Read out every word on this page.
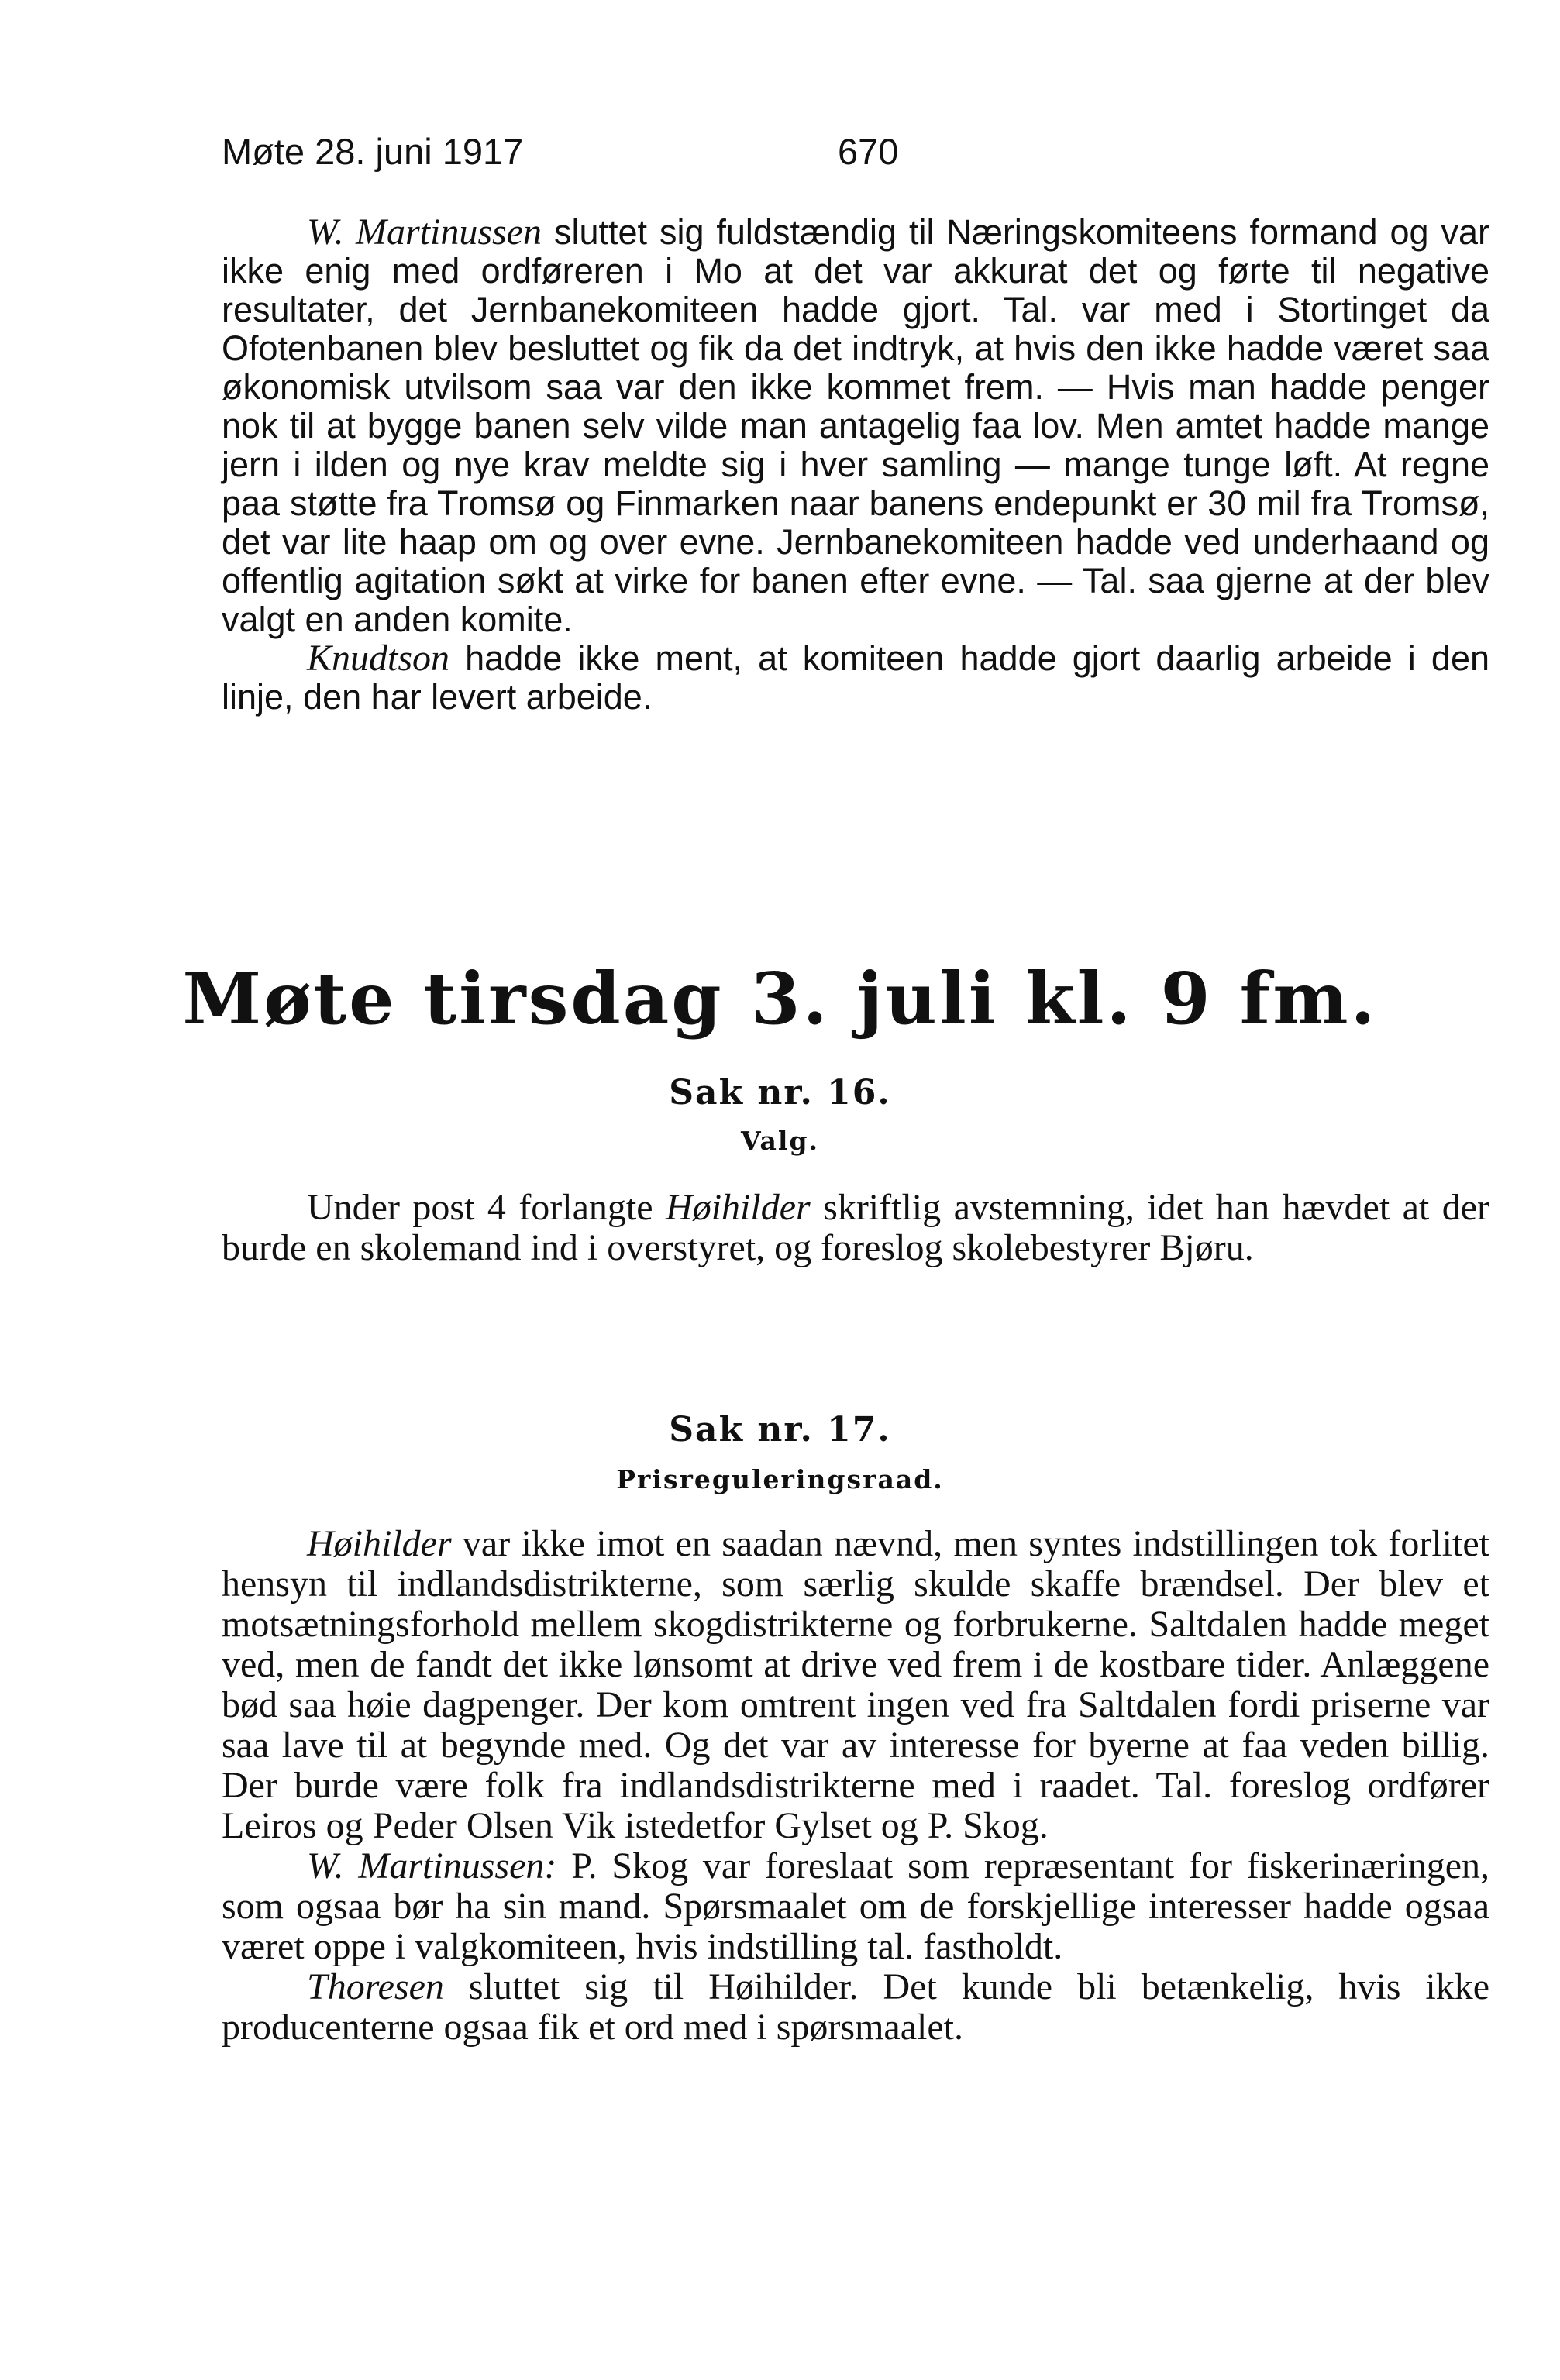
Møte 28. juni 1917	670

W. Martinussen sluttet sig fuldstændig til Næringskomiteens formand og var ikke enig med ordføreren i Mo at det var akkurat det og førte til negative resultater, det Jernbanekomiteen hadde gjort. Tal. var med i Stortinget da Ofotenbanen blev besluttet og fik da det indtryk, at hvis den ikke hadde været saa økonomisk utvilsom saa var den ikke kommet frem. — Hvis man hadde penger nok til at bygge banen selv vilde man antagelig faa lov. Men amtet hadde mange jern i ilden og nye krav meldte sig i hver samling — mange tunge løft. At regne paa støtte fra Tromsø og Finmarken naar banens endepunkt er 30 mil fra Tromsø, det var lite haap om og over evne. Jernbanekomiteen hadde ved underhaand og offentlig agitation søkt at virke for banen efter evne. — Tal. saa gjerne at der blev valgt en anden komite.

Knudtson hadde ikke ment, at komiteen hadde gjort daarlig arbeide i den linje, den har levert arbeide.

Møte tirsdag 3. juli kl. 9 fm.
Sak nr. 16.
Valg.

Under post 4 forlangte Høihilder skriftlig avstemning, idet han hævdet at der burde en skolemand ind i overstyret, og foreslog skolebestyrer Bjøru.

Sak nr. 17.
Prisreguleringsraad.

Høihilder var ikke imot en saadan nævnd, men syntes indstillingen tok forlitet hensyn til indlandsdistrikterne, som særlig skulde skaffe brændsel. Der blev et motsætningsforhold mellem skogdistrikterne og forbrukerne. Saltdalen hadde meget ved, men de fandt det ikke lønsomt at drive ved frem i de kostbare tider. Anlæggene bød saa høie dagpenger. Der kom omtrent ingen ved fra Saltdalen fordi priserne var saa lave til at begynde med. Og det var av interesse for byerne at faa veden billig. Der burde være folk fra indlandsdistrikterne med i raadet. Tal. foreslog ordfører Leiros og Peder Olsen Vik istedetfor Gylset og P. Skog.

W. Martinussen: P. Skog var foreslaat som repræsentant for fiskerinæringen, som ogsaa bør ha sin mand. Spørsmaalet om de forskjellige interesser hadde ogsaa været oppe i valgkomiteen, hvis indstilling tal. fastholdt.

Thoresen sluttet sig til Høihilder. Det kunde bli betænkelig, hvis ikke producenterne ogsaa fik et ord med i spørsmaalet.
